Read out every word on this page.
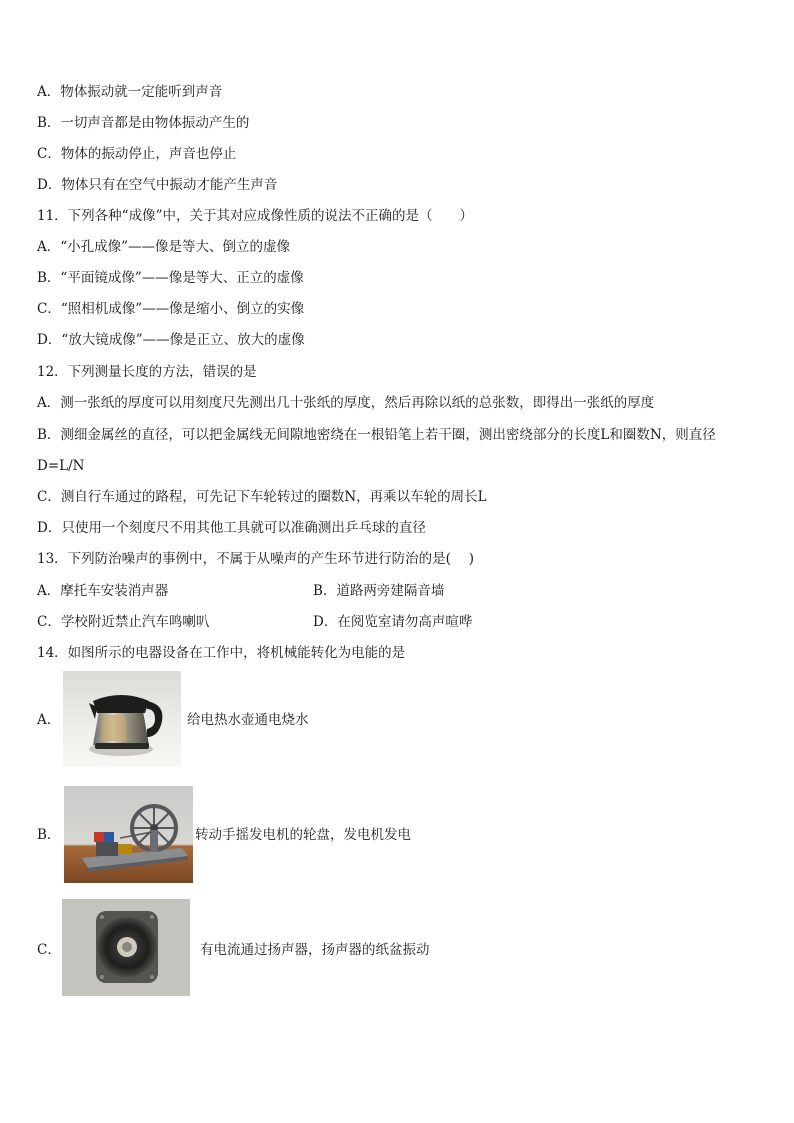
A．物体振动就一定能听到声音
B．一切声音都是由物体振动产生的
C．物体的振动停止，声音也停止
D．物体只有在空气中振动才能产生声音
11．下列各种“成像”中，关于其对应成像性质的说法不正确的是（　　）
A．“小孔成像”——像是等大、倒立的虚像
B．“平面镜成像”——像是等大、正立的虚像
C．“照相机成像”——像是缩小、倒立的实像
D．“放大镜成像”——像是正立、放大的虚像
12．下列测量长度的方法，错误的是
A．测一张纸的厚度可以用刻度尺先测出几十张纸的厚度，然后再除以纸的总张数，即得出一张纸的厚度
B．测细金属丝的直径，可以把金属线无间隙地密绕在一根铅笔上若干圈，测出密绕部分的长度L和圈数N，则直径
D=L/N
C．测自行车通过的路程，可先记下车轮转过的圈数N，再乘以车轮的周长L
D．只使用一个刻度尺不用其他工具就可以准确测出乒乓球的直径
13．下列防治噪声的事例中，不属于从噪声的产生环节进行防治的是(　 )
A．摩托车安装消声器	B．道路两旁建隔音墙
C．学校附近禁止汽车鸣喇叭	D．在阅览室请勿高声喧哗
14．如图所示的电器设备在工作中，将机械能转化为电能的是
A．	给电热水壶通电烧水
B．	转动手摇发电机的轮盘，发电机发电
C．	有电流通过扬声器，扬声器的纸盆振动
